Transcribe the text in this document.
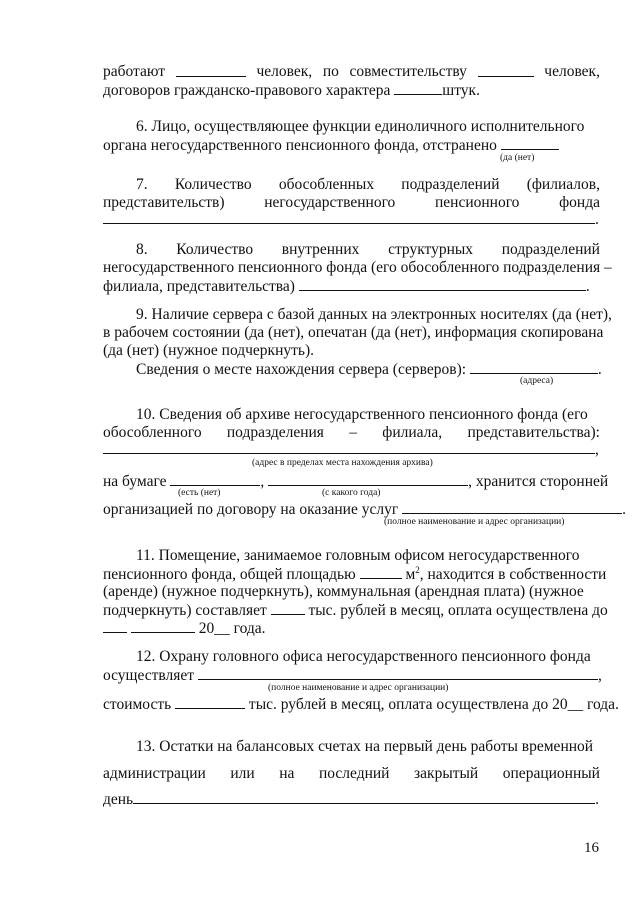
работают	человек, по совместительству	человек,
договоров гражданско-правового характера	штук.
6. Лицо, осуществляющее функции единоличного исполнительного
органа негосударственного пенсионного фонда, отстранено
(да (нет)
7. Количество обособленных подразделений (филиалов,
представительств)	негосударственного	пенсионного	фонда
.
8. Количество внутренних структурных подразделений
негосударственного пенсионного фонда (его обособленного подразделения –
филиала, представительства)	.
9. Наличие сервера с базой данных на электронных носителях (да (нет),
в рабочем состоянии (да (нет), опечатан (да (нет), информация скопирована
(да (нет) (нужное подчеркнуть).
Сведения о месте нахождения сервера (серверов):	.
(адреса)
10. Сведения об архиве негосударственного пенсионного фонда (его
обособленного подразделения – филиала, представительства):
,
(адрес в пределах места нахождения архива)
на бумаге	,	, хранится сторонней
(есть (нет)	(с какого года)
организацией по договору на оказание услуг	.
(полное наименование и адрес организации)
11. Помещение, занимаемое головным офисом негосударственного
пенсионного фонда, общей площадью	$м^2$, находится в собственности
(аренде) (нужное подчеркнуть), коммунальная (арендная плата) (нужное
подчеркнуть) составляет	тыс. рублей в месяц, оплата осуществлена до
20__ года.
12. Охрану головного офиса негосударственного пенсионного фонда
осуществляет	,
(полное наименование и адрес организации)
стоимость	тыс. рублей в месяц, оплата осуществлена до 20__ года.
13. Остатки на балансовых счетах на первый день работы временной
администрации или на последний закрытый операционный
день	.
16
